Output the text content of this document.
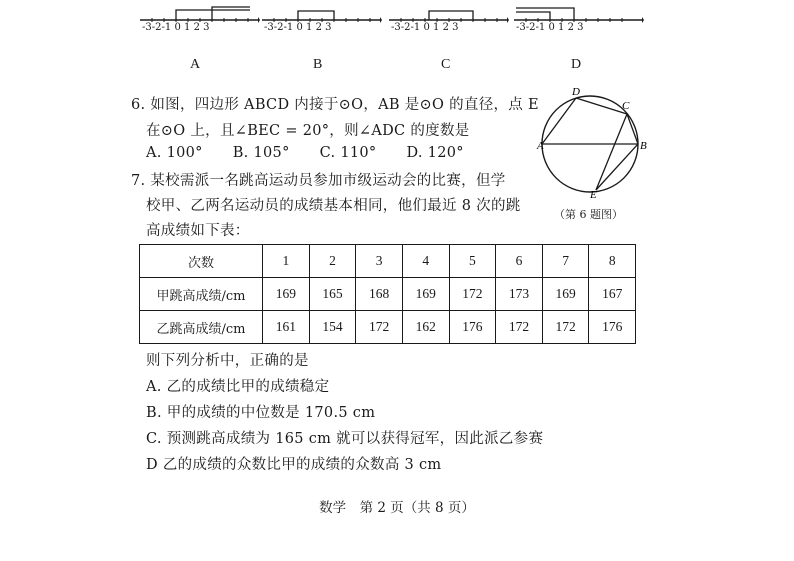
-3-2-1 0 1 2 3	-3-2-1 0 1 2 3	-3-2-1 0 1 2 3	-3-2-1 0 1 2 3
A	B	C	D
6. 如图，四边形 ABCD 内接于⊙O，AB 是⊙O 的直径，点 E
在⊙O 上，且∠BEC = 20°，则∠ADC 的度数是
A. 100° B. 105° C. 110° D. 120°	A	B
C
D
E
（第 6 题图）
7. 某校需派一名跳高运动员参加市级运动会的比赛，但学
校甲、乙两名运动员的成绩基本相同，他们最近 8 次的跳
高成绩如下表：
次数	1	2	3	4	5	6	7	8
甲跳高成绩/cm	169	165	168	169	172	173	169	167
乙跳高成绩/cm	161	154	172	162	176	172	172	176
则下列分析中，正确的是
A. 乙的成绩比甲的成绩稳定
B. 甲的成绩的中位数是 170.5 cm
C. 预测跳高成绩为 165 cm 就可以获得冠军，因此派乙参赛
D 乙的成绩的众数比甲的成绩的众数高 3 cm
数学　第 2 页（共 8 页）
